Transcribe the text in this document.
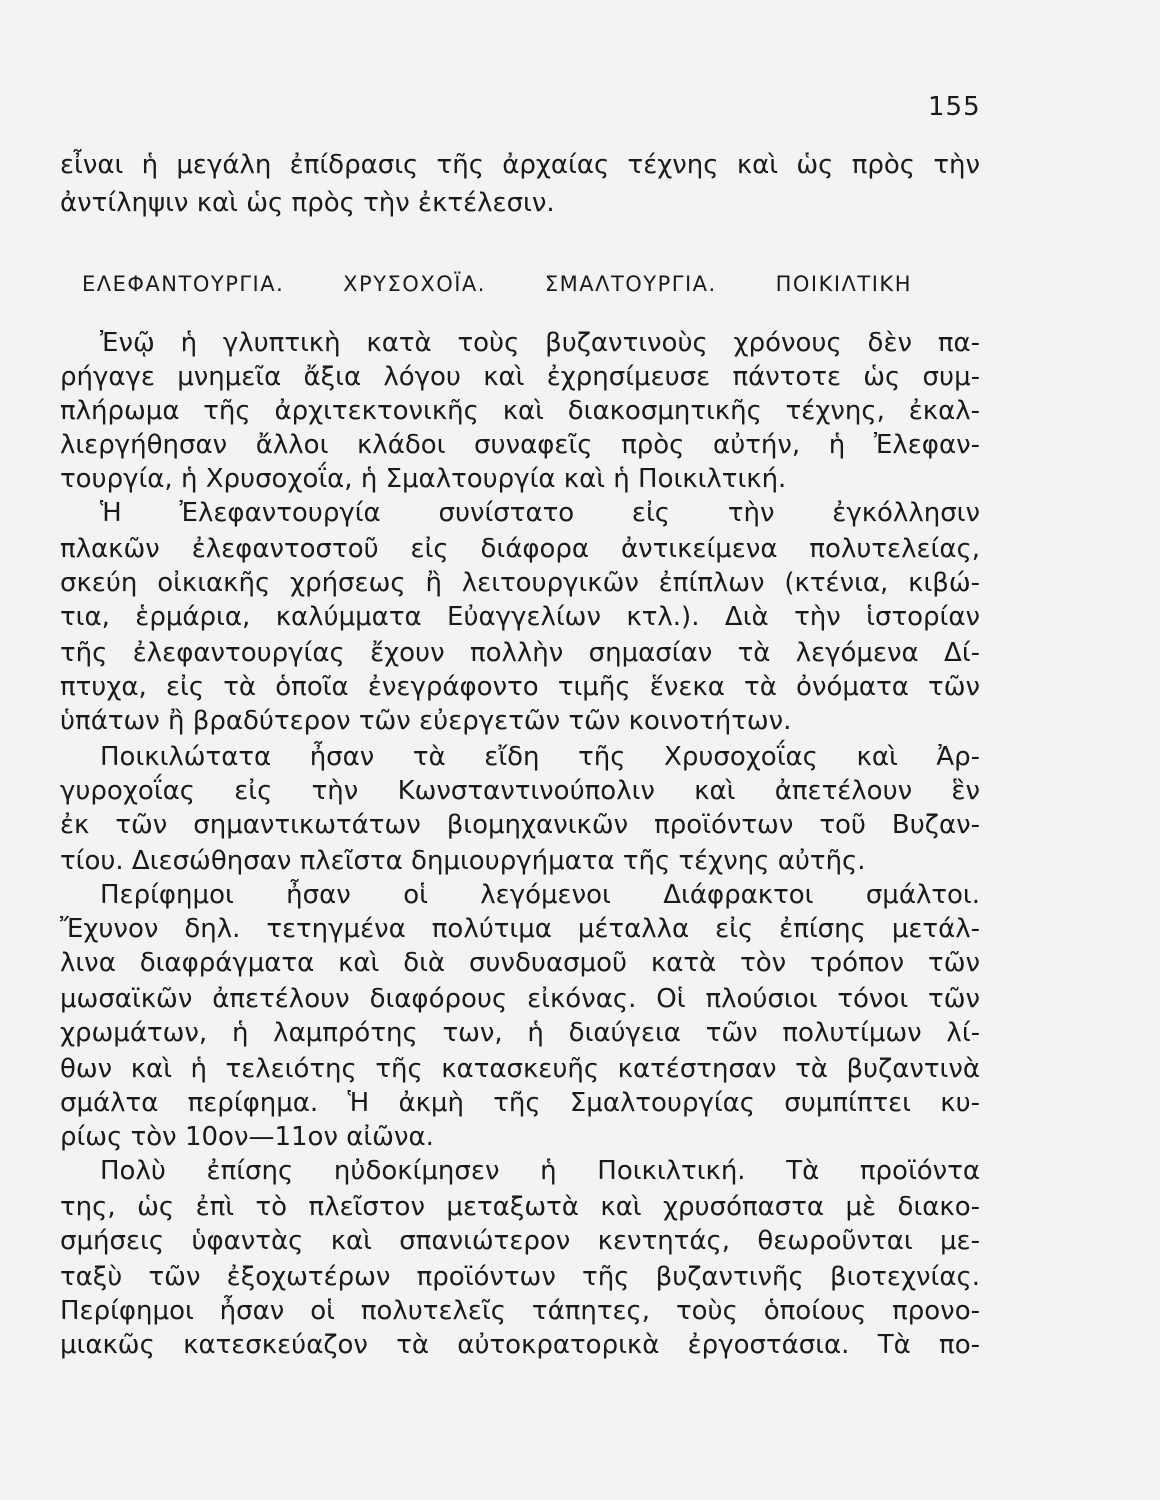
155
εἶναι ἡ μεγάλη ἐπίδρασις τῆς ἀρχαίας τέχνης καὶ ὡς πρὸς τὴν
ἀντίληψιν καὶ ὡς πρὸς τὴν ἐκτέλεσιν.
ΕΛΕΦΑΝΤΟΥΡΓΙΑ. ΧΡΥΣΟΧΟΪΑ. ΣΜΑΛΤΟΥΡΓΙΑ. ΠΟΙΚΙΛΤΙΚΗ
Ἐνῷ ἡ γλυπτικὴ κατὰ τοὺς βυζαντινοὺς χρόνους δὲν πα-
ρήγαγε μνημεῖα ἄξια λόγου καὶ ἐχρησίμευσε πάντοτε ὡς συμ-
πλήρωμα τῆς ἀρχιτεκτονικῆς καὶ διακοσμητικῆς τέχνης, ἐκαλ-
λιεργήθησαν ἄλλοι κλάδοι συναφεῖς πρὸς αὐτήν, ἡ Ἐλεφαν-
τουργία, ἡ Χρυσοχοΐα, ἡ Σμαλτουργία καὶ ἡ Ποικιλτική.
Ἡ Ἐλεφαντουργία συνίστατο εἰς τὴν ἐγκόλλησιν
πλακῶν ἐλεφαντοστοῦ εἰς διάφορα ἀντικείμενα πολυτελείας,
σκεύη οἰκιακῆς χρήσεως ἢ λειτουργικῶν ἐπίπλων (κτένια, κιβώ-
τια, ἑρμάρια, καλύμματα Εὐαγγελίων κτλ.). Διὰ τὴν ἱστορίαν
τῆς ἐλεφαντουργίας ἔχουν πολλὴν σημασίαν τὰ λεγόμενα Δί-
πτυχα, εἰς τὰ ὁποῖα ἐνεγράφοντο τιμῆς ἕνεκα τὰ ὀνόματα τῶν
ὑπάτων ἢ βραδύτερον τῶν εὐεργετῶν τῶν κοινοτήτων.
Ποικιλώτατα ἦσαν τὰ εἴδη τῆς Χρυσοχοΐας καὶ Ἀρ-
γυροχοΐας εἰς τὴν Κωνσταντινούπολιν καὶ ἀπετέλουν ἓν
ἐκ τῶν σημαντικωτάτων βιομηχανικῶν προϊόντων τοῦ Βυζαν-
τίου. Διεσώθησαν πλεῖστα δημιουργήματα τῆς τέχνης αὐτῆς.
Περίφημοι ἦσαν οἱ λεγόμενοι Διάφρακτοι σμάλτοι.
Ἔχυνον δηλ. τετηγμένα πολύτιμα μέταλλα εἰς ἐπίσης μετάλ-
λινα διαφράγματα καὶ διὰ συνδυασμοῦ κατὰ τὸν τρόπον τῶν
μωσαϊκῶν ἀπετέλουν διαφόρους εἰκόνας. Οἱ πλούσιοι τόνοι τῶν
χρωμάτων, ἡ λαμπρότης των, ἡ διαύγεια τῶν πολυτίμων λί-
θων καὶ ἡ τελειότης τῆς κατασκευῆς κατέστησαν τὰ βυζαντινὰ
σμάλτα περίφημα. Ἡ ἀκμὴ τῆς Σμαλτουργίας συμπίπτει κυ-
ρίως τὸν 10ον—11ον αἰῶνα.
Πολὺ ἐπίσης ηὐδοκίμησεν ἡ Ποικιλτική. Τὰ προϊόντα
της, ὡς ἐπὶ τὸ πλεῖστον μεταξωτὰ καὶ χρυσόπαστα μὲ διακο-
σμήσεις ὑφαντὰς καὶ σπανιώτερον κεντητάς, θεωροῦνται με-
ταξὺ τῶν ἐξοχωτέρων προϊόντων τῆς βυζαντινῆς βιοτεχνίας.
Περίφημοι ἦσαν οἱ πολυτελεῖς τάπητες, τοὺς ὁποίους προνο-
μιακῶς κατεσκεύαζον τὰ αὐτοκρατορικὰ ἐργοστάσια. Τὰ πο-
